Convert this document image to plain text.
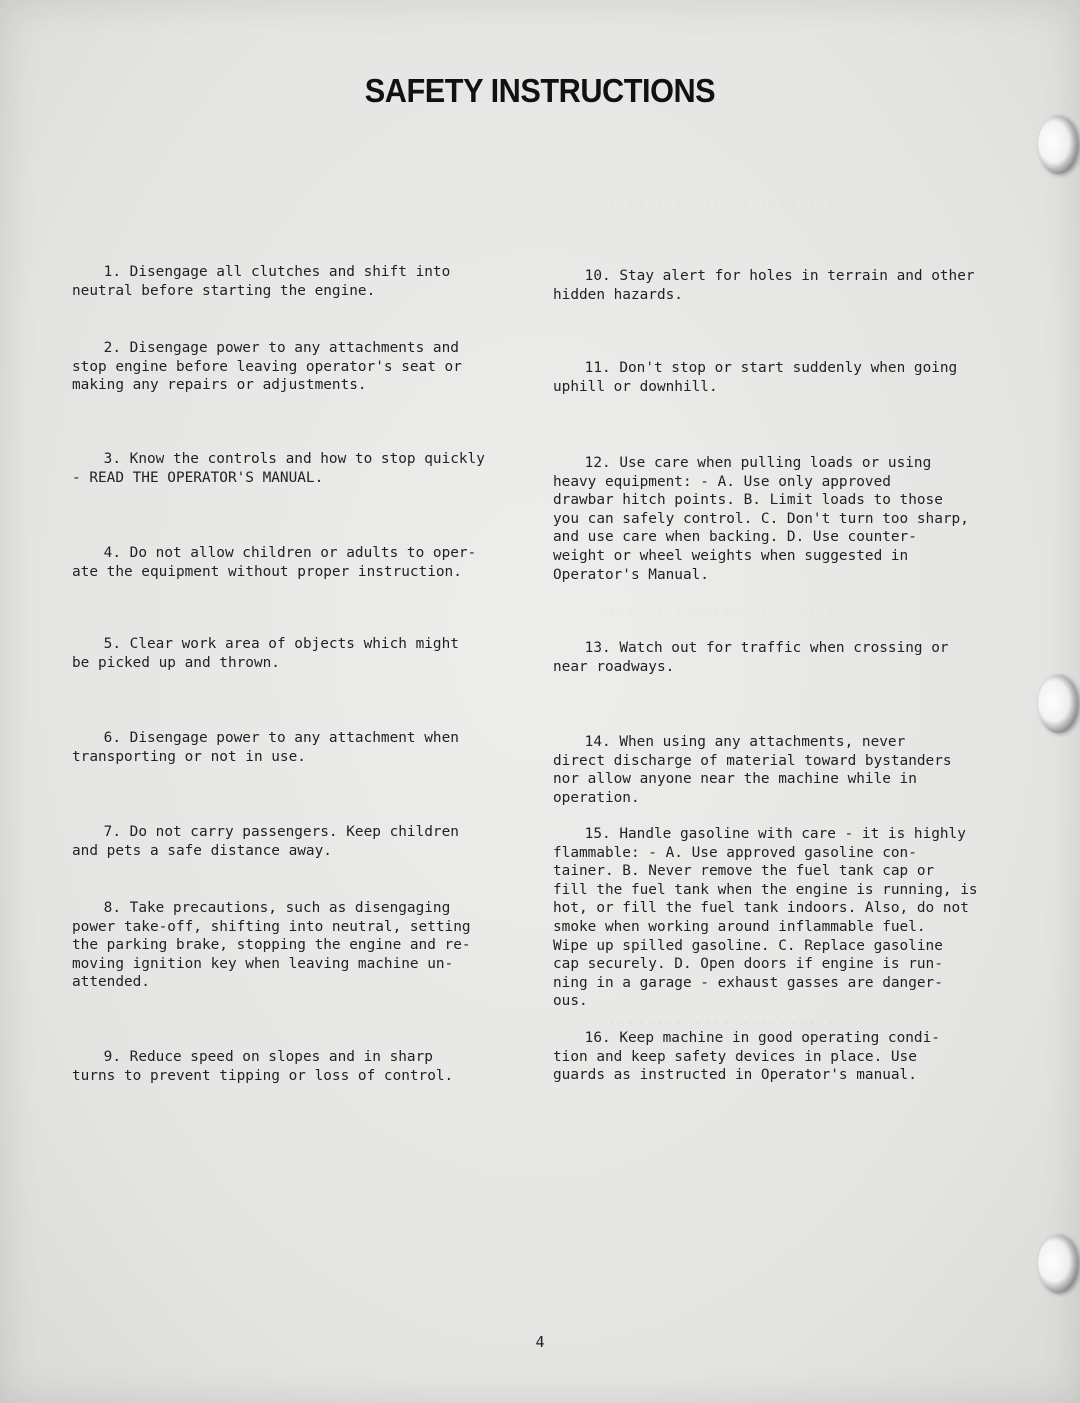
. . . . . . . . . . . . . . . . . . . . . . . . .
. . . . . . . . . . . . . . . . . . . . . . . . .
. . . . . . . . . . . . . . . . . . . . . . . . .
SAFETY INSTRUCTIONS
1. Disengage all clutches and shift into
neutral before starting the engine.
2. Disengage power to any attachments and
stop engine before leaving operator's seat or
making any repairs or adjustments.
3. Know the controls and how to stop quickly
- READ THE OPERATOR'S MANUAL.
4. Do not allow children or adults to oper-
ate the equipment without proper instruction.
5. Clear work area of objects which might
be picked up and thrown.
6. Disengage power to any attachment when
transporting or not in use.
7. Do not carry passengers. Keep children
and pets a safe distance away.
8. Take precautions, such as disengaging
power take-off, shifting into neutral, setting
the parking brake, stopping the engine and re-
moving ignition key when leaving machine un-
attended.
9. Reduce speed on slopes and in sharp
turns to prevent tipping or loss of control.
10. Stay alert for holes in terrain and other
hidden hazards.
11. Don't stop or start suddenly when going
uphill or downhill.
12. Use care when pulling loads or using
heavy equipment: - A. Use only approved
drawbar hitch points. B. Limit loads to those
you can safely control. C. Don't turn too sharp,
and use care when backing. D. Use counter-
weight or wheel weights when suggested in
Operator's Manual.
13. Watch out for traffic when crossing or
near roadways.
14. When using any attachments, never
direct discharge of material toward bystanders
nor allow anyone near the machine while in
operation.
15. Handle gasoline with care - it is highly
flammable: - A. Use approved gasoline con-
tainer. B. Never remove the fuel tank cap or
fill the fuel tank when the engine is running, is
hot, or fill the fuel tank indoors. Also, do not
smoke when working around inflammable fuel.
Wipe up spilled gasoline. C. Replace gasoline
cap securely. D. Open doors if engine is run-
ning in a garage - exhaust gasses are danger-
ous.
16. Keep machine in good operating condi-
tion and keep safety devices in place. Use
guards as instructed in Operator's manual.
4
